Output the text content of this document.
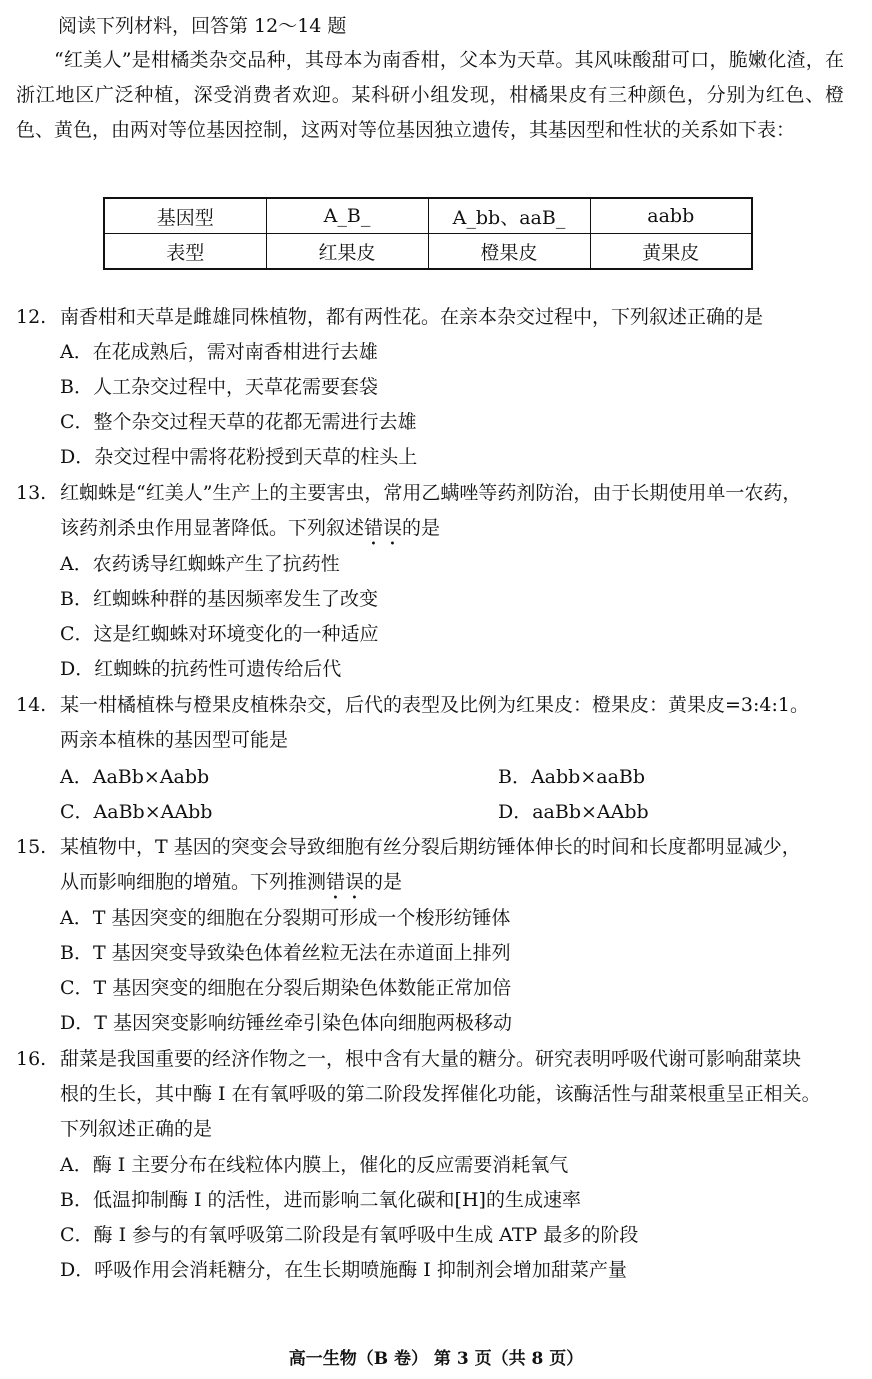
阅读下列材料，回答第 12～14 题
“红美人”是柑橘类杂交品种，其母本为南香柑，父本为天草。其风味酸甜可口，脆嫩化渣，在浙江地区广泛种植，深受消费者欢迎。某科研小组发现，柑橘果皮有三种颜色，分别为红色、橙色、黄色，由两对等位基因控制，这两对等位基因独立遗传，其基因型和性状的关系如下表：
基因型	A_B_	A_bb、aaB_	aabb
表型	红果皮	橙果皮	黄果皮
12. 南香柑和天草是雌雄同株植物，都有两性花。在亲本杂交过程中，下列叙述正确的是
A．在花成熟后，需对南香柑进行去雄
B．人工杂交过程中，天草花需要套袋
C．整个杂交过程天草的花都无需进行去雄
D．杂交过程中需将花粉授到天草的柱头上
13. 红蜘蛛是“红美人”生产上的主要害虫，常用乙螨唑等药剂防治，由于长期使用单一农药，
该药剂杀虫作用显著降低。下列叙述错误的是
A．农药诱导红蜘蛛产生了抗药性
B．红蜘蛛种群的基因频率发生了改变
C．这是红蜘蛛对环境变化的一种适应
D．红蜘蛛的抗药性可遗传给后代
14. 某一柑橘植株与橙果皮植株杂交，后代的表型及比例为红果皮：橙果皮：黄果皮=3:4:1。
两亲本植株的基因型可能是
A．AaBb×Aabb	B．Aabb×aaBb
C．AaBb×AAbb	D．aaBb×AAbb
15. 某植物中，T 基因的突变会导致细胞有丝分裂后期纺锤体伸长的时间和长度都明显减少，
从而影响细胞的增殖。下列推测错误的是
A．T 基因突变的细胞在分裂期可形成一个梭形纺锤体
B．T 基因突变导致染色体着丝粒无法在赤道面上排列
C．T 基因突变的细胞在分裂后期染色体数能正常加倍
D．T 基因突变影响纺锤丝牵引染色体向细胞两极移动
16. 甜菜是我国重要的经济作物之一，根中含有大量的糖分。研究表明呼吸代谢可影响甜菜块
根的生长，其中酶 I 在有氧呼吸的第二阶段发挥催化功能，该酶活性与甜菜根重呈正相关。
下列叙述正确的是
A．酶 I 主要分布在线粒体内膜上，催化的反应需要消耗氧气
B．低温抑制酶 I 的活性，进而影响二氧化碳和[H]的生成速率
C．酶 I 参与的有氧呼吸第二阶段是有氧呼吸中生成 ATP 最多的阶段
D．呼吸作用会消耗糖分，在生长期喷施酶 I 抑制剂会增加甜菜产量
高一生物（B 卷） 第 3 页（共 8 页）
